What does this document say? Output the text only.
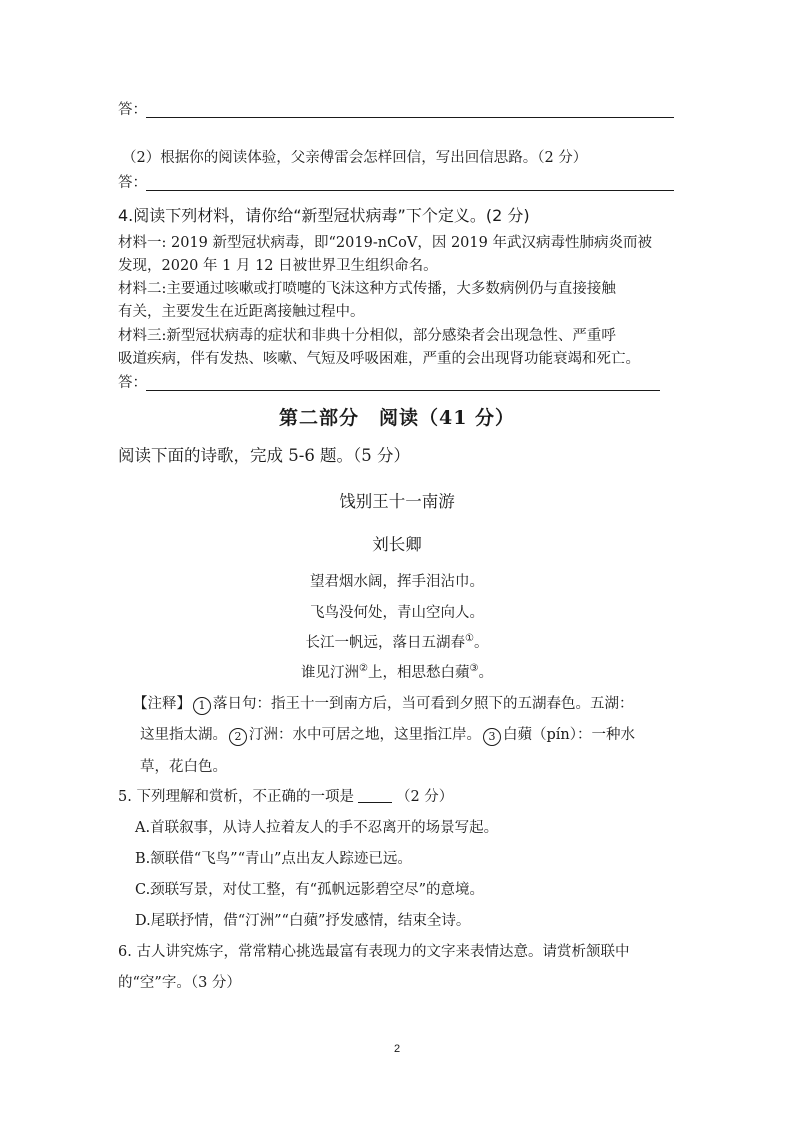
答：
（2）根据你的阅读体验，父亲傅雷会怎样回信，写出回信思路。（2 分）
答：
4.阅读下列材料，请你给“新型冠状病毒”下个定义。(2 分)
材料一: 2019 新型冠状病毒，即“2019-nCoV，因 2019 年武汉病毒性肺病炎而被
发现，2020 年 1 月 12 日被世界卫生组织命名。
材料二:主要通过咳嗽或打喷嚏的飞沫这种方式传播，大多数病例仍与直接接触
有关，主要发生在近距离接触过程中。
材料三:新型冠状病毒的症状和非典十分相似，部分感染者会出现急性、严重呼
吸道疾病，伴有发热、咳嗽、气短及呼吸困难，严重的会出现肾功能衰竭和死亡。
答：
第二部分　阅读（41 分）
阅读下面的诗歌，完成 5-6 题。（5 分）
饯别王十一南游
刘长卿
望君烟水阔，挥手泪沾巾。
飞鸟没何处，青山空向人。
长江一帆远，落日五湖春①。
谁见汀洲②上，相思愁白蘋③。
【注释】 1 落日句：指王十一到南方后，当可看到夕照下的五湖春色。五湖：
这里指太湖。 2 汀洲：水中可居之地，这里指江岸。 3 白蘋（pín）：一种水
草，花白色。
5. 下列理解和赏析，不正确的一项是	（2 分）
A.首联叙事，从诗人拉着友人的手不忍离开的场景写起。
B.颔联借“飞鸟”“青山”点出友人踪迹已远。
C.颈联写景，对仗工整，有“孤帆远影碧空尽”的意境。
D.尾联抒情，借“汀洲”“白蘋”抒发感情，结束全诗。
6. 古人讲究炼字，常常精心挑选最富有表现力的文字来表情达意。请赏析颔联中
的“空”字。（3 分）
2
